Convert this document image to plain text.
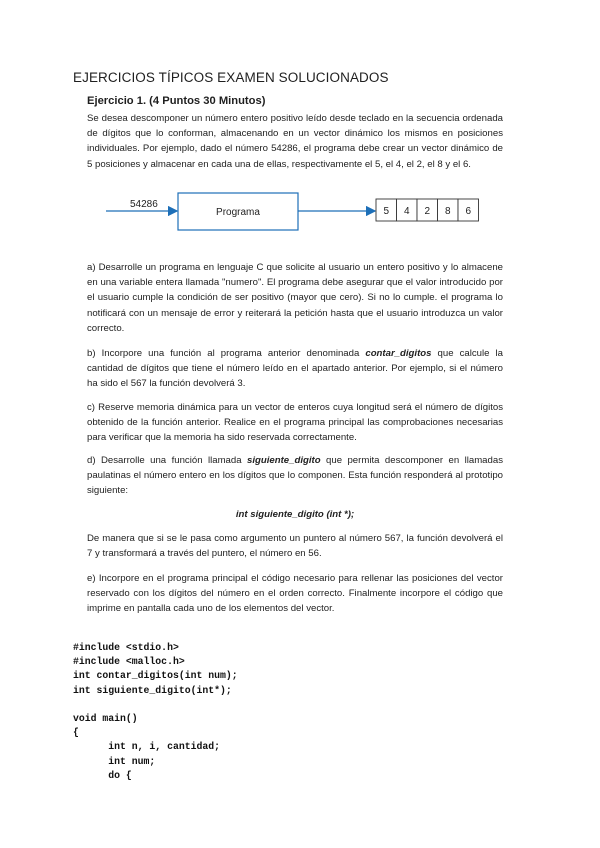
EJERCICIOS TÍPICOS EXAMEN SOLUCIONADOS
Ejercicio 1. (4 Puntos 30 Minutos)
Se desea descomponer un número entero positivo leído desde teclado en la secuencia ordenada de dígitos que lo conforman, almacenando en un vector dinámico los mismos en posiciones individuales. Por ejemplo, dado el número 54286, el programa debe crear un vector dinámico de 5 posiciones y almacenar en cada una de ellas, respectivamente el 5, el 4, el 2, el 8 y el 6.
54286
Programa	5 4 2 8 6
a) Desarrolle un programa en lenguaje C que solicite al usuario un entero positivo y lo almacene en una variable entera llamada "numero". El programa debe asegurar que el valor introducido por el usuario cumple la condición de ser positivo (mayor que cero). Si no lo cumple. el programa lo notificará con un mensaje de error y reiterará la petición hasta que el usuario introduzca un valor correcto.
b) Incorpore una función al programa anterior denominada contar_digitos que calcule la cantidad de dígitos que tiene el número leído en el apartado anterior. Por ejemplo, si el número ha sido el 567 la función devolverá 3.
c) Reserve memoria dinámica para un vector de enteros cuya longitud será el número de dígitos obtenido de la función anterior. Realice en el programa principal las comprobaciones necesarias para verificar que la memoria ha sido reservada correctamente.
d) Desarrolle una función llamada siguiente_digito que permita descomponer en llamadas paulatinas el número entero en los dígitos que lo componen. Esta función responderá al prototipo siguiente:
int siguiente_digito (int *);
De manera que si se le pasa como argumento un puntero al número 567, la función devolverá el 7 y transformará a través del puntero, el número en 56.
e) Incorpore en el programa principal el código necesario para rellenar las posiciones del vector reservado con los dígitos del número en el orden correcto. Finalmente incorpore el código que imprime en pantalla cada uno de los elementos del vector.
#include <stdio.h>
#include <malloc.h>
int contar_digitos(int num);
int siguiente_digito(int*);
void main()
{
int n, i, cantidad;
int num;
do {
